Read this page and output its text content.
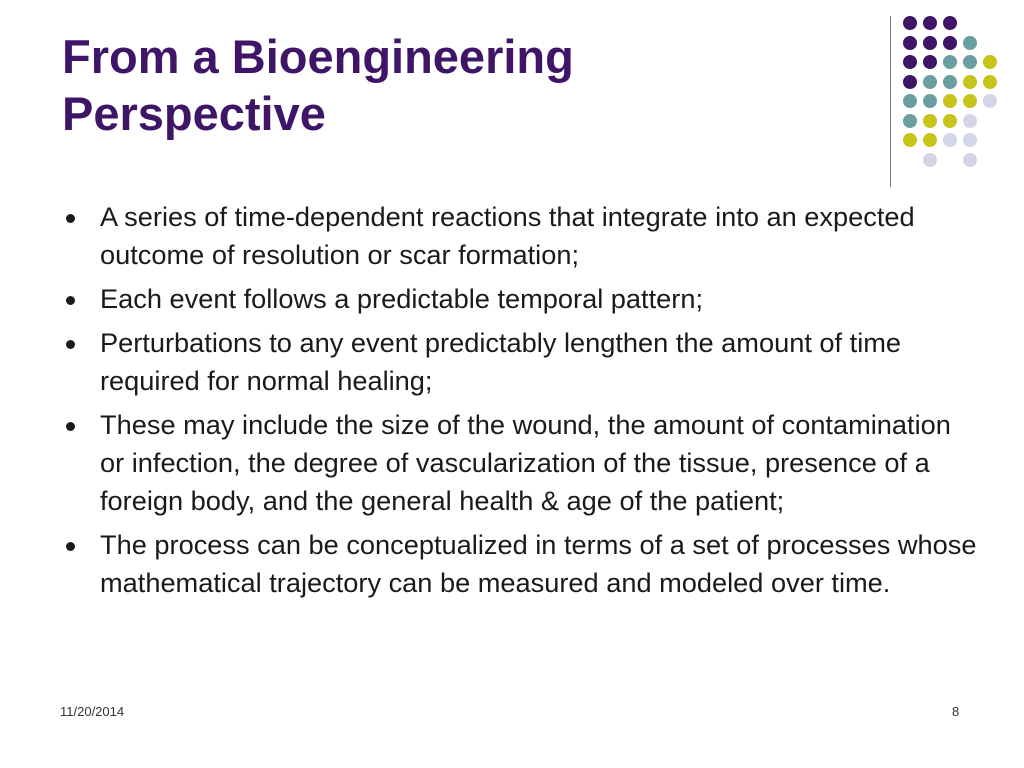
From a Bioengineering
Perspective
A series of time-dependent reactions that integrate into an expected outcome of resolution or scar formation;
Each event follows a predictable temporal pattern;
Perturbations to any event predictably lengthen the amount of time required for normal healing;
These may include the size of the wound, the amount of contamination or infection, the degree of vascularization of the tissue, presence of a foreign body, and the general health & age of the patient;
The process can be conceptualized in terms of a set of processes whose mathematical trajectory can be measured and modeled over time.
11/20/2014	8
